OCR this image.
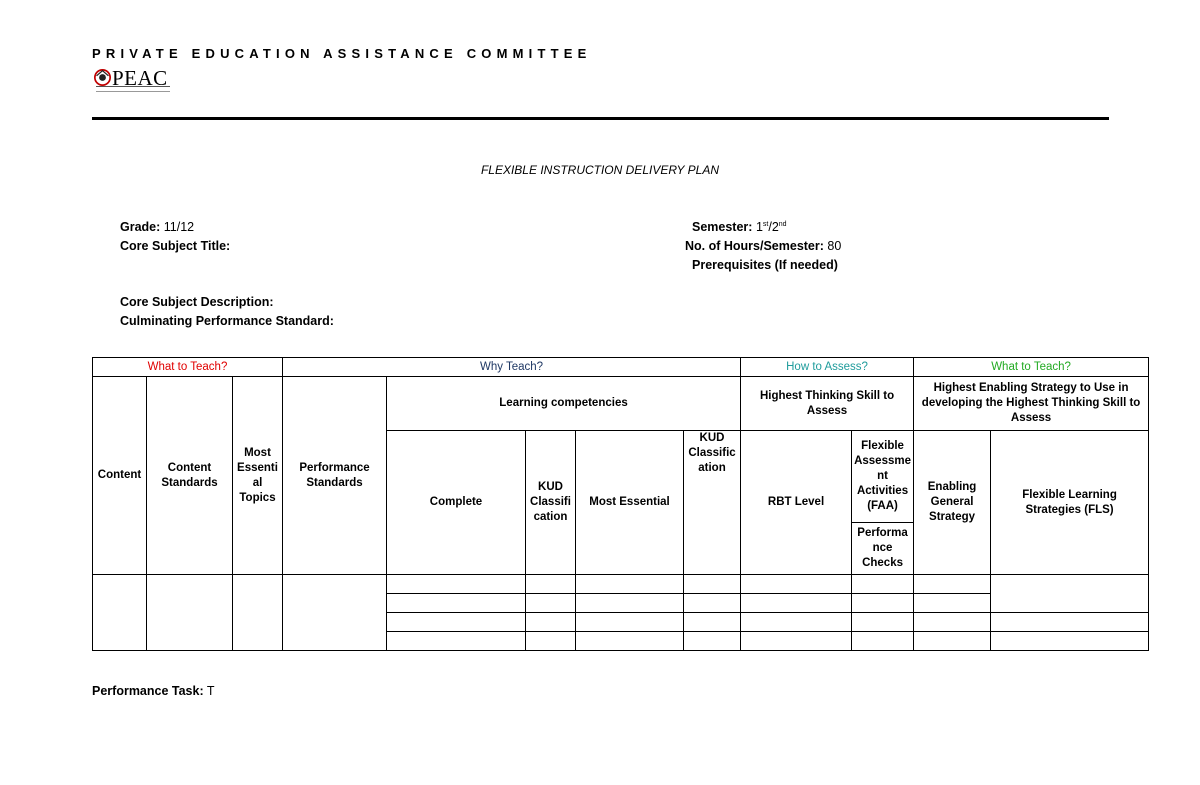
PRIVATE EDUCATION ASSISTANCE COMMITTEE
PEAC
FLEXIBLE INSTRUCTION DELIVERY PLAN
Grade: 11/12	Semester: 1st/2nd
Core Subject Title:	No. of Hours/Semester: 80
Prerequisites (If needed)
Core Subject Description:
Culminating Performance Standard:
What to Teach?			Why Teach?					How to Assess?		What to Teach?	
Content	Content Standards	Most Essential Topics	Performance Standards	Learning competencies				Highest Thinking Skill to Assess		Highest Enabling Strategy to Use in developing the Highest Thinking Skill to Assess	
				Complete	KUD Classification	Most Essential	KUD Classification	RBT Level	Flexible Assessment Activities (FAA)	Enabling General Strategy	Flexible Learning Strategies (FLS)
									Performance Checks		

Performance Task: T
